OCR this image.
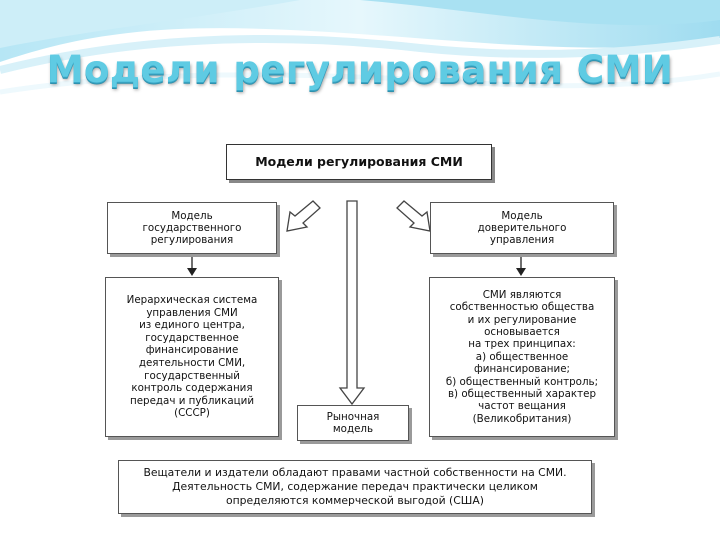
Модели регулирования СМИ
Модели регулирования СМИ
Модель
государственного
регулирования
Иерархическая система
управления СМИ
из единого центра,
государственное
финансирование
деятельности СМИ,
государственный
контроль содержания
передач и публикаций
(СССР)
Модель
доверительного
управления
СМИ являются
собственностью общества
и их регулирование
основывается
на трех принципах:
а) общественное
финансирование;
б) общественный контроль;
в) общественный характер
частот вещания
(Великобритания)
Рыночная
модель
Вещатели и издатели обладают правами частной собственности на СМИ.
Деятельность СМИ, содержание передач практически целиком
определяются коммерческой выгодой (США)
